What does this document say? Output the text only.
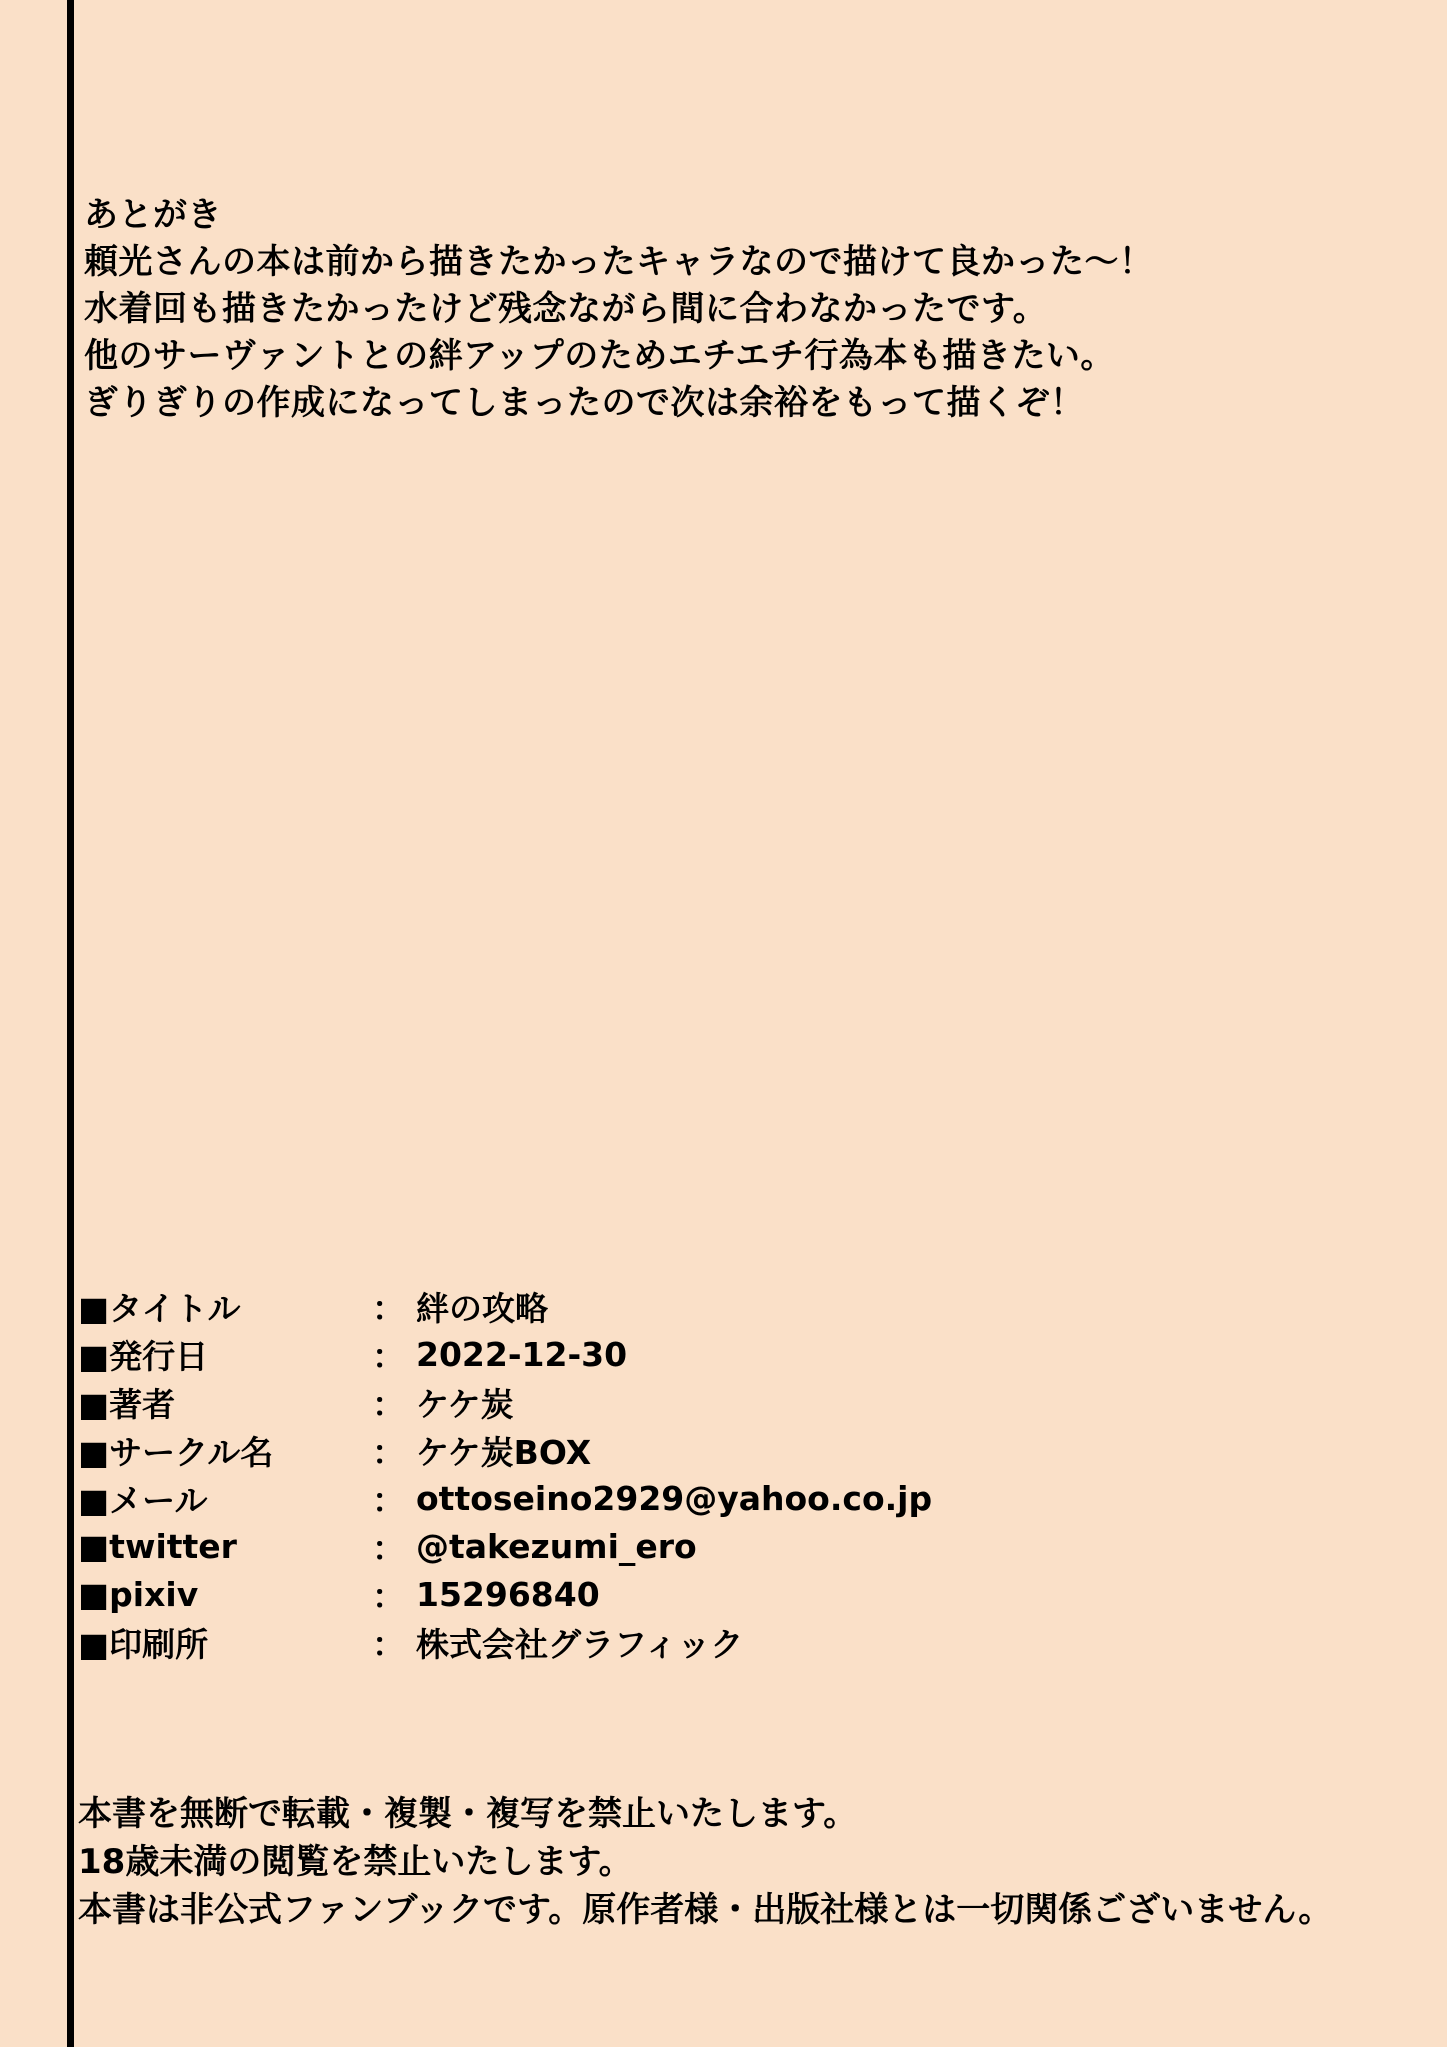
あとがき
頼光さんの本は前から描きたかったキャラなので描けて良かった～！
水着回も描きたかったけど残念ながら間に合わなかったです。
他のサーヴァントとの絆アップのためエチエチ行為本も描きたい。
ぎりぎりの作成になってしまったので次は余裕をもって描くぞ！
■タイトル	： 絆の攻略
■発行日	： 2022-12-30
■著者	： ケケ炭
■サークル名	： ケケ炭BOX
■メール	： ottoseino2929@yahoo.co.jp
■twitter	： @takezumi_ero
■pixiv	： 15296840
■印刷所	： 株式会社グラフィック
本書を無断で転載・複製・複写を禁止いたします。
18歳未満の閲覧を禁止いたします。
本書は非公式ファンブックです。原作者様・出版社様とは一切関係ございません。
